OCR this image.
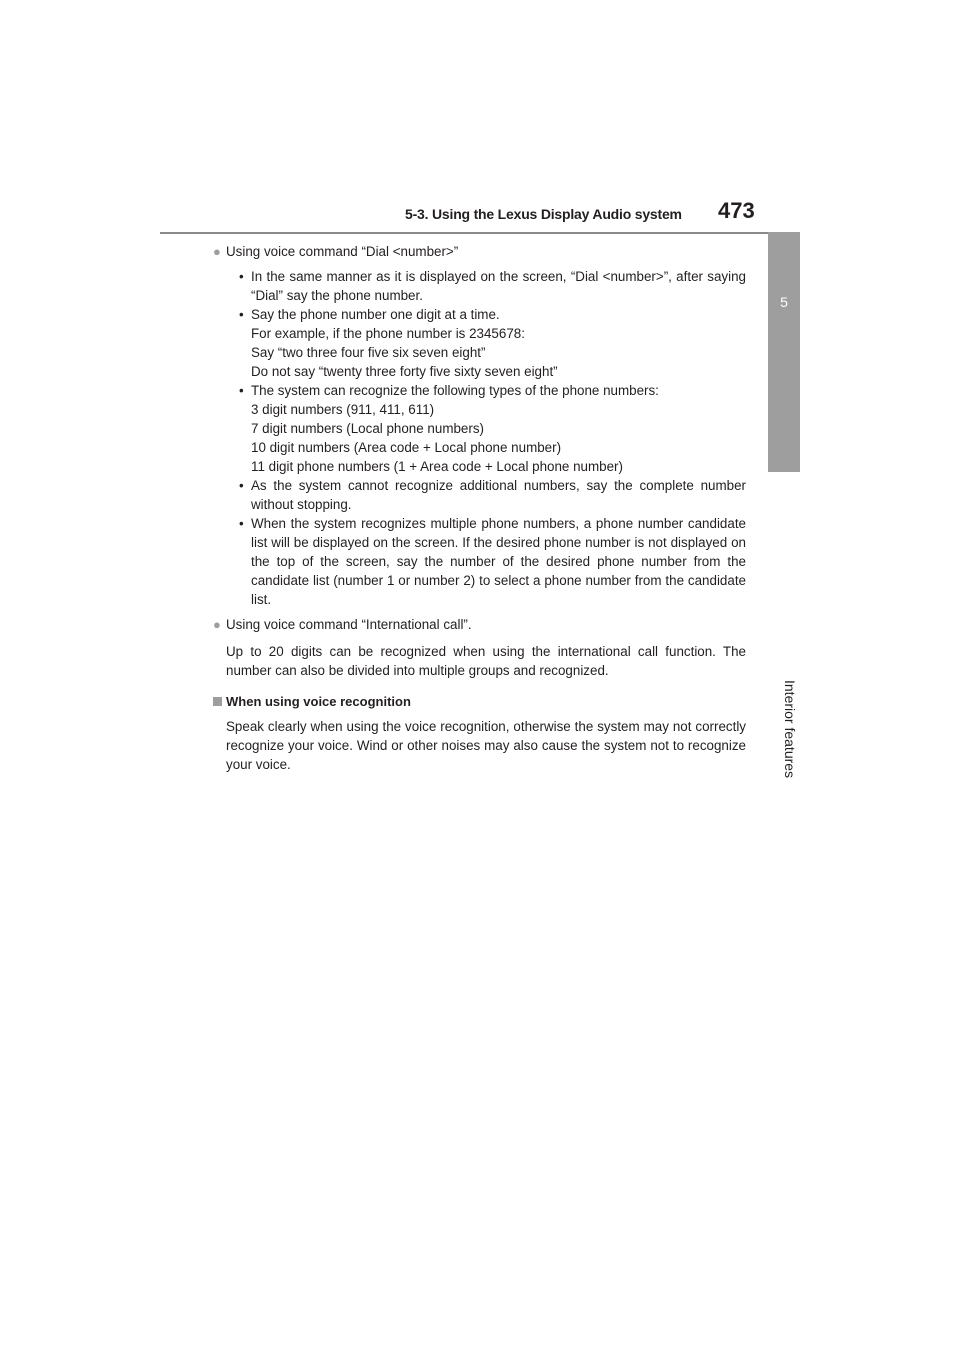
5-3. Using the Lexus Display Audio system 473
5
Interior features
● Using voice command “Dial <number>”
• In the same manner as it is displayed on the screen, “Dial <number>”, after saying “Dial” say the phone number.
• Say the phone number one digit at a time.
For example, if the phone number is 2345678:
Say “two three four five six seven eight”
Do not say “twenty three forty five sixty seven eight”
• The system can recognize the following types of the phone numbers:
3 digit numbers (911, 411, 611)
7 digit numbers (Local phone numbers)
10 digit numbers (Area code + Local phone number)
11 digit phone numbers (1 + Area code + Local phone number)
• As the system cannot recognize additional numbers, say the complete number without stopping.
• When the system recognizes multiple phone numbers, a phone number candidate list will be displayed on the screen. If the desired phone number is not displayed on the top of the screen, say the number of the desired phone number from the candidate list (number 1 or number 2) to select a phone number from the candidate list.
● Using voice command “International call”.

Up to 20 digits can be recognized when using the international call function. The number can also be divided into multiple groups and recognized.

When using voice recognition

Speak clearly when using the voice recognition, otherwise the system may not correctly recognize your voice. Wind or other noises may also cause the system not to recognize your voice.
